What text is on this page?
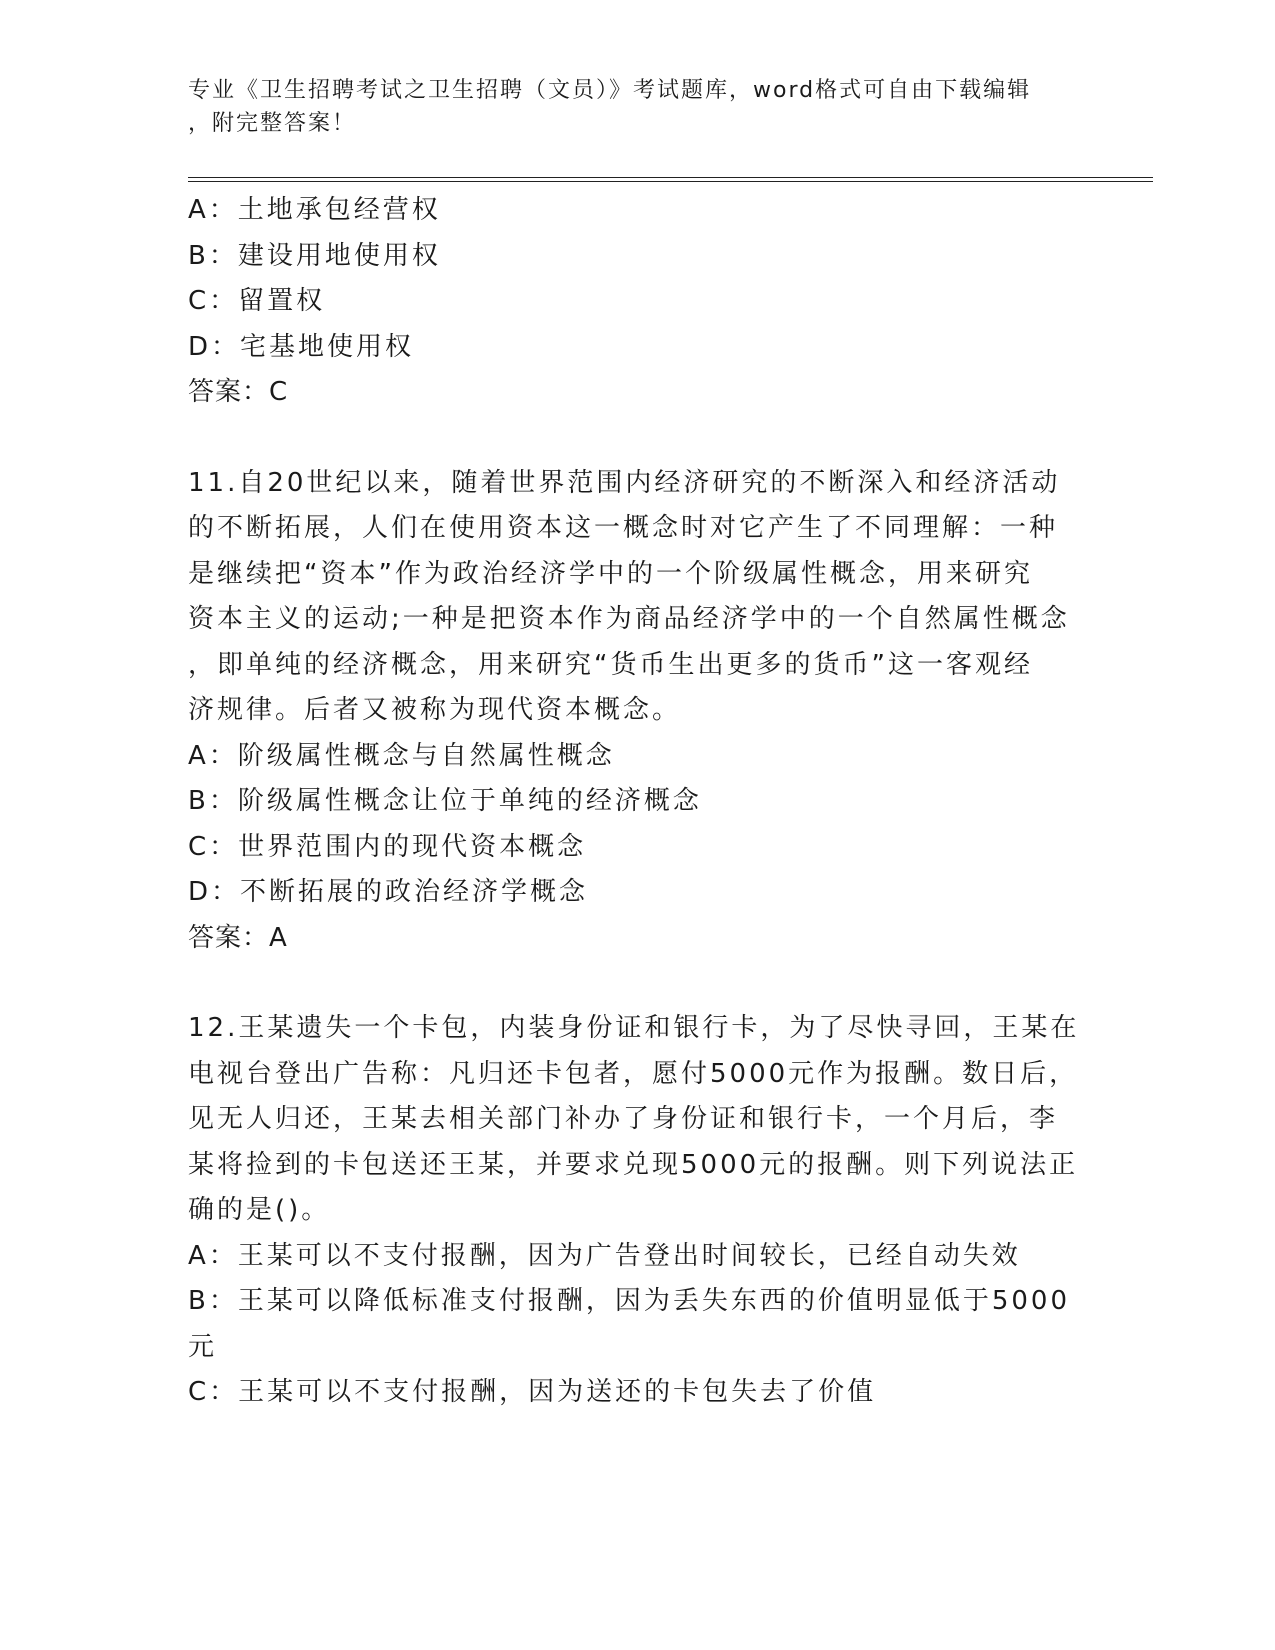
专业《卫生招聘考试之卫生招聘（文员）》考试题库，word格式可自由下载编辑
，附完整答案！
A：土地承包经营权
B：建设用地使用权
C：留置权
D：宅基地使用权
答案：C
11.自20世纪以来，随着世界范围内经济研究的不断深入和经济活动
的不断拓展，人们在使用资本这一概念时对它产生了不同理解：一种
是继续把“资本”作为政治经济学中的一个阶级属性概念，用来研究
资本主义的运动;一种是把资本作为商品经济学中的一个自然属性概念
，即单纯的经济概念，用来研究“货币生出更多的货币”这一客观经
济规律。后者又被称为现代资本概念。
A：阶级属性概念与自然属性概念
B：阶级属性概念让位于单纯的经济概念
C：世界范围内的现代资本概念
D：不断拓展的政治经济学概念
答案：A
12.王某遗失一个卡包，内装身份证和银行卡，为了尽快寻回，王某在
电视台登出广告称：凡归还卡包者，愿付5000元作为报酬。数日后，
见无人归还，王某去相关部门补办了身份证和银行卡，一个月后，李
某将捡到的卡包送还王某，并要求兑现5000元的报酬。则下列说法正
确的是()。
A：王某可以不支付报酬，因为广告登出时间较长，已经自动失效
B：王某可以降低标准支付报酬，因为丢失东西的价值明显低于5000
元
C：王某可以不支付报酬，因为送还的卡包失去了价值
